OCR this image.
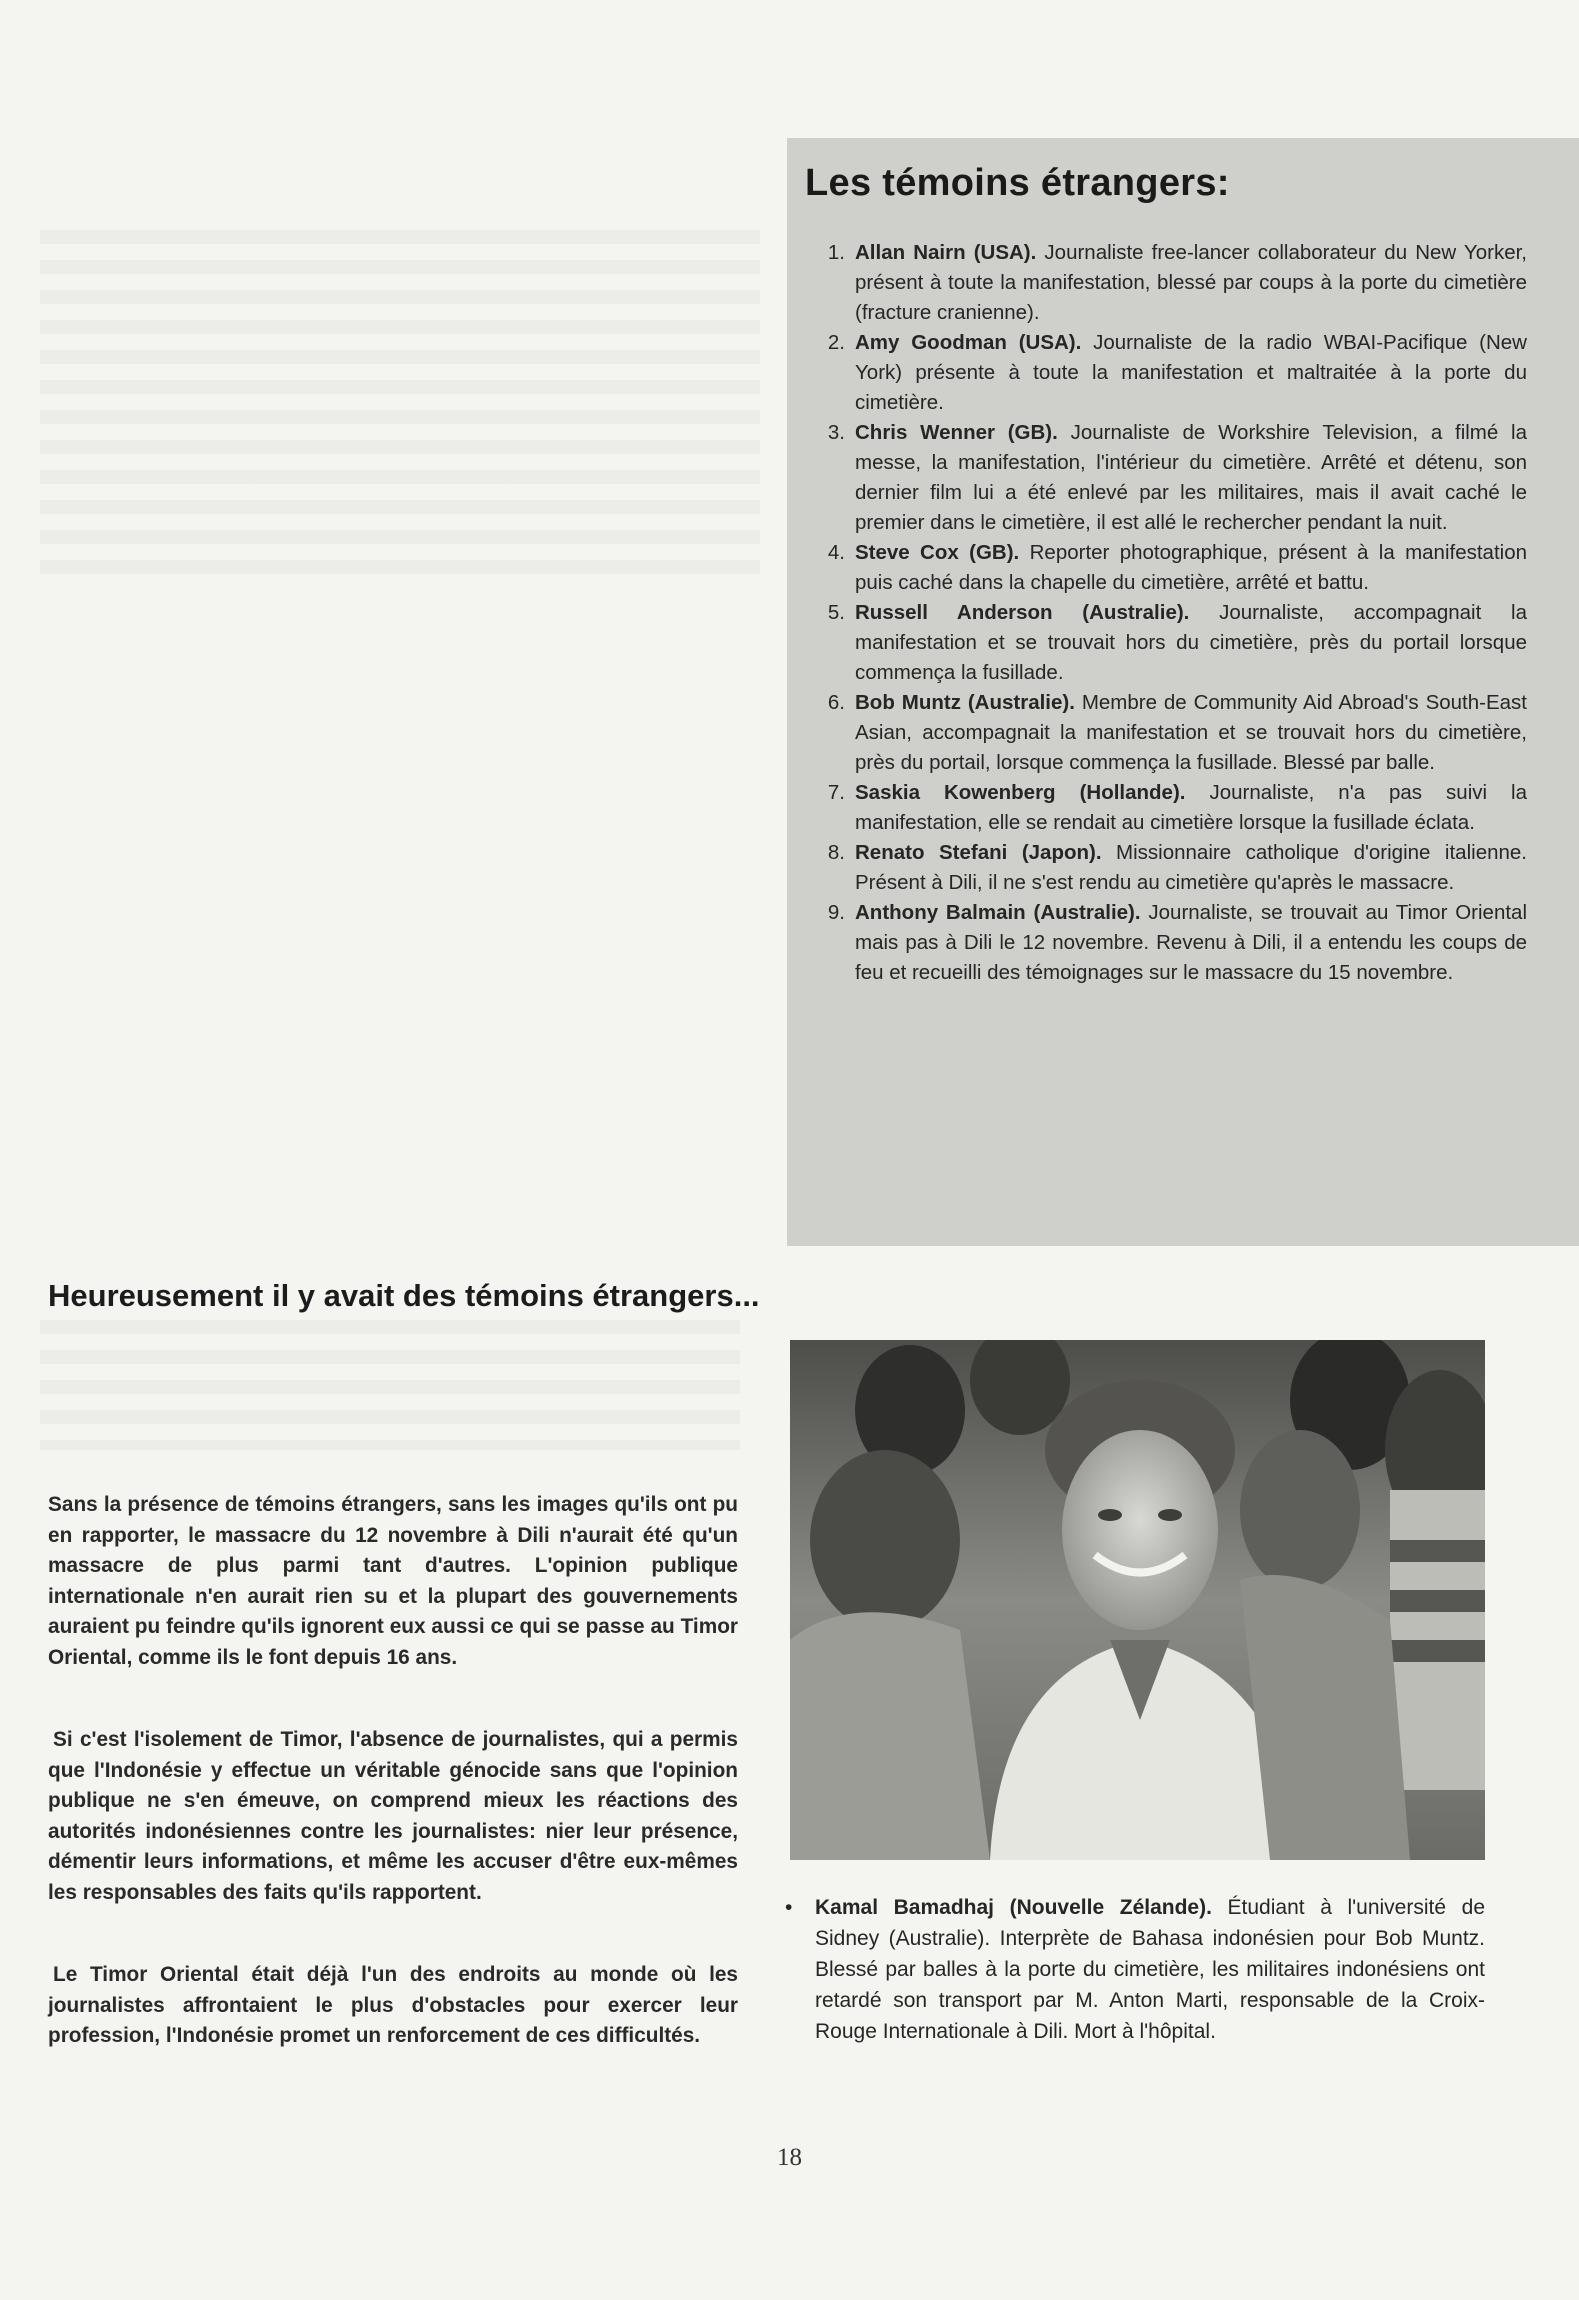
Les témoins étrangers:
1. Allan Nairn (USA). Journaliste free-lancer collaborateur du New Yorker, présent à toute la manifestation, blessé par coups à la porte du cimetière (fracture cranienne).
2. Amy Goodman (USA). Journaliste de la radio WBAI-Pacifique (New York) présente à toute la manifestation et maltraitée à la porte du cimetière.
3. Chris Wenner (GB). Journaliste de Workshire Television, a filmé la messe, la manifestation, l'intérieur du cimetière. Arrêté et détenu, son dernier film lui a été enlevé par les militaires, mais il avait caché le premier dans le cimetière, il est allé le rechercher pendant la nuit.
4. Steve Cox (GB). Reporter photographique, présent à la manifestation puis caché dans la chapelle du cimetière, arrêté et battu.
5. Russell Anderson (Australie). Journaliste, accompagnait la manifestation et se trouvait hors du cimetière, près du portail lorsque commença la fusillade.
6. Bob Muntz (Australie). Membre de Community Aid Abroad's South-East Asian, accompagnait la manifestation et se trouvait hors du cimetière, près du portail, lorsque commença la fusillade. Blessé par balle.
7. Saskia Kowenberg (Hollande). Journaliste, n'a pas suivi la manifestation, elle se rendait au cimetière lorsque la fusillade éclata.
8. Renato Stefani (Japon). Missionnaire catholique d'origine italienne. Présent à Dili, il ne s'est rendu au cimetière qu'après le massacre.
9. Anthony Balmain (Australie). Journaliste, se trouvait au Timor Oriental mais pas à Dili le 12 novembre. Revenu à Dili, il a entendu les coups de feu et recueilli des témoignages sur le massacre du 15 novembre.
Heureusement il y avait des témoins étrangers...
• Kamal Bamadhaj (Nouvelle Zélande). Étudiant à l'université de Sidney (Australie). Interprète de Bahasa indonésien pour Bob Muntz. Blessé par balles à la porte du cimetière, les militaires indonésiens ont retardé son transport par M. Anton Marti, responsable de la Croix-Rouge Internationale à Dili. Mort à l'hôpital.

Sans la présence de témoins étrangers, sans les images qu'ils ont pu en rapporter, le massacre du 12 novembre à Dili n'aurait été qu'un massacre de plus parmi tant d'autres. L'opinion publique internationale n'en aurait rien su et la plupart des gouvernements auraient pu feindre qu'ils ignorent eux aussi ce qui se passe au Timor Oriental, comme ils le font depuis 16 ans.

Si c'est l'isolement de Timor, l'absence de journalistes, qui a permis que l'Indonésie y effectue un véritable génocide sans que l'opinion publique ne s'en émeuve, on comprend mieux les réactions des autorités indonésiennes contre les journalistes: nier leur présence, démentir leurs informations, et même les accuser d'être eux-mêmes les responsables des faits qu'ils rapportent.

Le Timor Oriental était déjà l'un des endroits au monde où les journalistes affrontaient le plus d'obstacles pour exercer leur profession, l'Indonésie promet un renforcement de ces difficultés.

18
